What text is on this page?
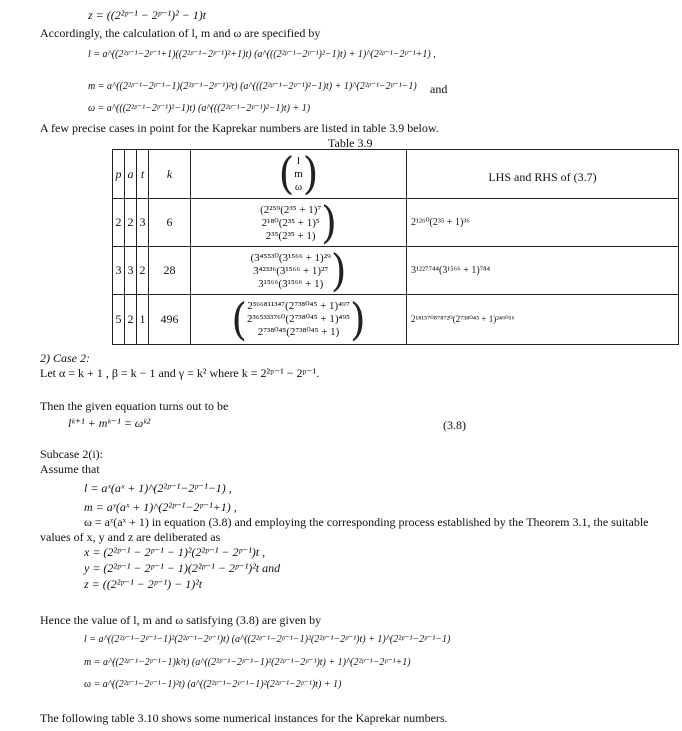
z = ((2²ᵖ⁻¹ − 2ᵖ⁻¹)² − 1)t
Accordingly, the calculation of l, m and ω are specified by
l = a^((2²ᵖ⁻¹−2ᵖ⁻¹+1)((2²ᵖ⁻¹−2ᵖ⁻¹)²+1)t) (a^(((2²ᵖ⁻¹−2ᵖ⁻¹)²−1)t) + 1)^(2²ᵖ⁻¹−2ᵖ⁻¹+1) ,
m = a^((2²ᵖ⁻¹−2ᵖ⁻¹−1)(2²ᵖ⁻¹−2ᵖ⁻¹)²t) (a^(((2²ᵖ⁻¹−2ᵖ⁻¹)²−1)t) + 1)^(2²ᵖ⁻¹−2ᵖ⁻¹−1) and
ω = a^(((2²ᵖ⁻¹−2ᵖ⁻¹)²−1)t) (a^(((2²ᵖ⁻¹−2ᵖ⁻¹)²−1)t) + 1)
A few precise cases in point for the Kaprekar numbers are listed in table 3.9 below.
Table 3.9
p	a	t	k	( l
m
ω )	LHS and RHS of (3.7)
2	2	3	6	(2²⁵⁹(2³⁵ + 1)⁷
2¹⁸⁰(2³⁵ + 1)⁵
2³⁵(2³⁵ + 1) )	2¹²⁶⁰(2³⁵ + 1)³⁶
3	3	2	28	(3⁴⁵⁵³⁰(3¹⁵⁶⁶ + 1)²⁹
3⁴²³³⁶(3¹⁵⁶⁶ + 1)²⁷
3¹⁵⁶⁶(3¹⁵⁶⁶ + 1) )	3¹²²⁷⁷⁴⁴(3¹⁵⁶⁶ + 1)⁷⁸⁴
5	2	1	496	( 2³⁶⁶⁸¹¹³⁴⁷(2⁷³⁸⁰⁴⁵ + 1)⁴⁹⁷
2³⁶⁵³³³⁷⁶⁰(2⁷³⁸⁰⁴⁵ + 1)⁴⁹⁵
2⁷³⁸⁰⁴⁵(2⁷³⁸⁰⁴⁵ + 1) )	2¹⁸¹⁵⁷⁰⁸⁷⁸⁷²⁰(2⁷³⁸⁰⁴⁵ + 1)²⁴⁶⁰¹⁶
2) Case 2:
Let α = k + 1 , β = k − 1 and γ = k² where k = 2²ᵖ⁻¹ − 2ᵖ⁻¹.
Then the given equation turns out to be
lᵏ⁺¹ + mᵏ⁻¹ = ωᵏ²	(3.8)
Subcase 2(i):
Assume that
l = aˣ(aˣ + 1)^(2²ᵖ⁻¹−2ᵖ⁻¹−1) ,
m = aʸ(aˣ + 1)^(2²ᵖ⁻¹−2ᵖ⁻¹+1) ,
ω = aᶻ(aˣ + 1) in equation (3.8) and employing the corresponding process established by the Theorem 3.1, the suitable
values of x, y and z are deliberated as
x = (2²ᵖ⁻¹ − 2ᵖ⁻¹ − 1)²(2²ᵖ⁻¹ − 2ᵖ⁻¹)t ,
y = (2²ᵖ⁻¹ − 2ᵖ⁻¹ − 1)(2²ᵖ⁻¹ − 2ᵖ⁻¹)²t and
z = ((2²ᵖ⁻¹ − 2ᵖ⁻¹) − 1)²t
Hence the value of l, m and ω satisfying (3.8) are given by
l = a^((2²ᵖ⁻¹−2ᵖ⁻¹−1)²(2²ᵖ⁻¹−2ᵖ⁻¹)t) (a^((2²ᵖ⁻¹−2ᵖ⁻¹−1)²(2²ᵖ⁻¹−2ᵖ⁻¹)t) + 1)^(2²ᵖ⁻¹−2ᵖ⁻¹−1)
m = a^((2²ᵖ⁻¹−2ᵖ⁻¹−1)k²t) (a^((2²ᵖ⁻¹−2ᵖ⁻¹−1)²(2²ᵖ⁻¹−2ᵖ⁻¹)t) + 1)^(2²ᵖ⁻¹−2ᵖ⁻¹+1)
ω = a^((2²ᵖ⁻¹−2ᵖ⁻¹−1)²t) (a^((2²ᵖ⁻¹−2ᵖ⁻¹−1)²(2²ᵖ⁻¹−2ᵖ⁻¹)t) + 1)
The following table 3.10 shows some numerical instances for the Kaprekar numbers.
